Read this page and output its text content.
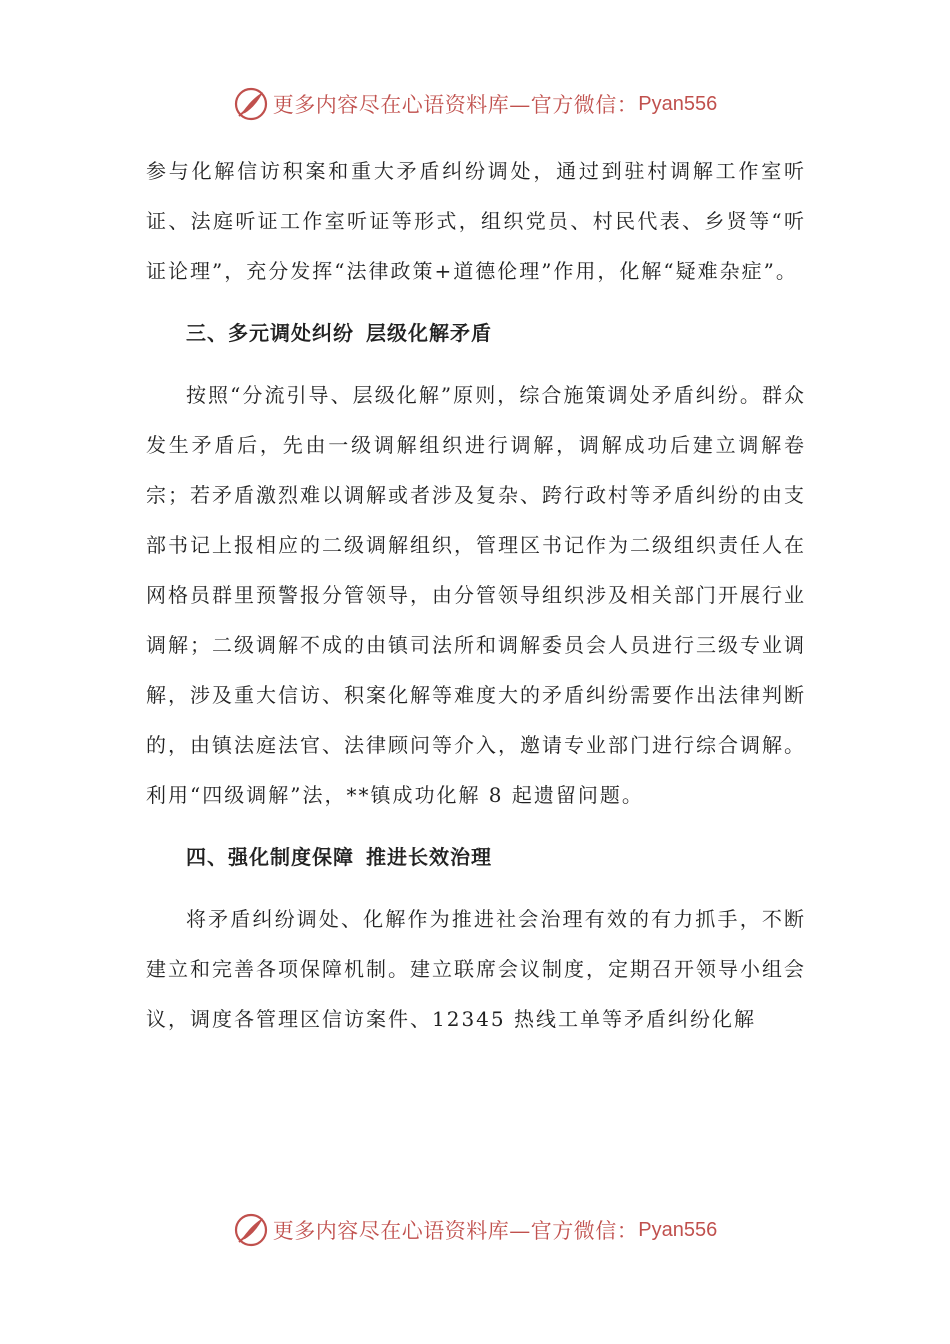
更多内容尽在心语资料库—官方微信： Pyan556

参与化解信访积案和重大矛盾纠纷调处，通过到驻村调解工作室听证、法庭听证工作室听证等形式，组织党员、村民代表、乡贤等“听证论理”，充分发挥“法律政策+道德伦理”作用，化解“疑难杂症”。

三、多元调处纠纷 层级化解矛盾

按照“分流引导、层级化解”原则，综合施策调处矛盾纠纷。群众发生矛盾后，先由一级调解组织进行调解，调解成功后建立调解卷宗；若矛盾激烈难以调解或者涉及复杂、跨行政村等矛盾纠纷的由支部书记上报相应的二级调解组织，管理区书记作为二级组织责任人在网格员群里预警报分管领导，由分管领导组织涉及相关部门开展行业调解；二级调解不成的由镇司法所和调解委员会人员进行三级专业调解，涉及重大信访、积案化解等难度大的矛盾纠纷需要作出法律判断的，由镇法庭法官、法律顾问等介入，邀请专业部门进行综合调解。利用“四级调解”法，**镇成功化解 8 起遗留问题。

四、强化制度保障 推进长效治理

将矛盾纠纷调处、化解作为推进社会治理有效的有力抓手，不断建立和完善各项保障机制。建立联席会议制度，定期召开领导小组会议，调度各管理区信访案件、12345 热线工单等矛盾纠纷化解

更多内容尽在心语资料库—官方微信： Pyan556
